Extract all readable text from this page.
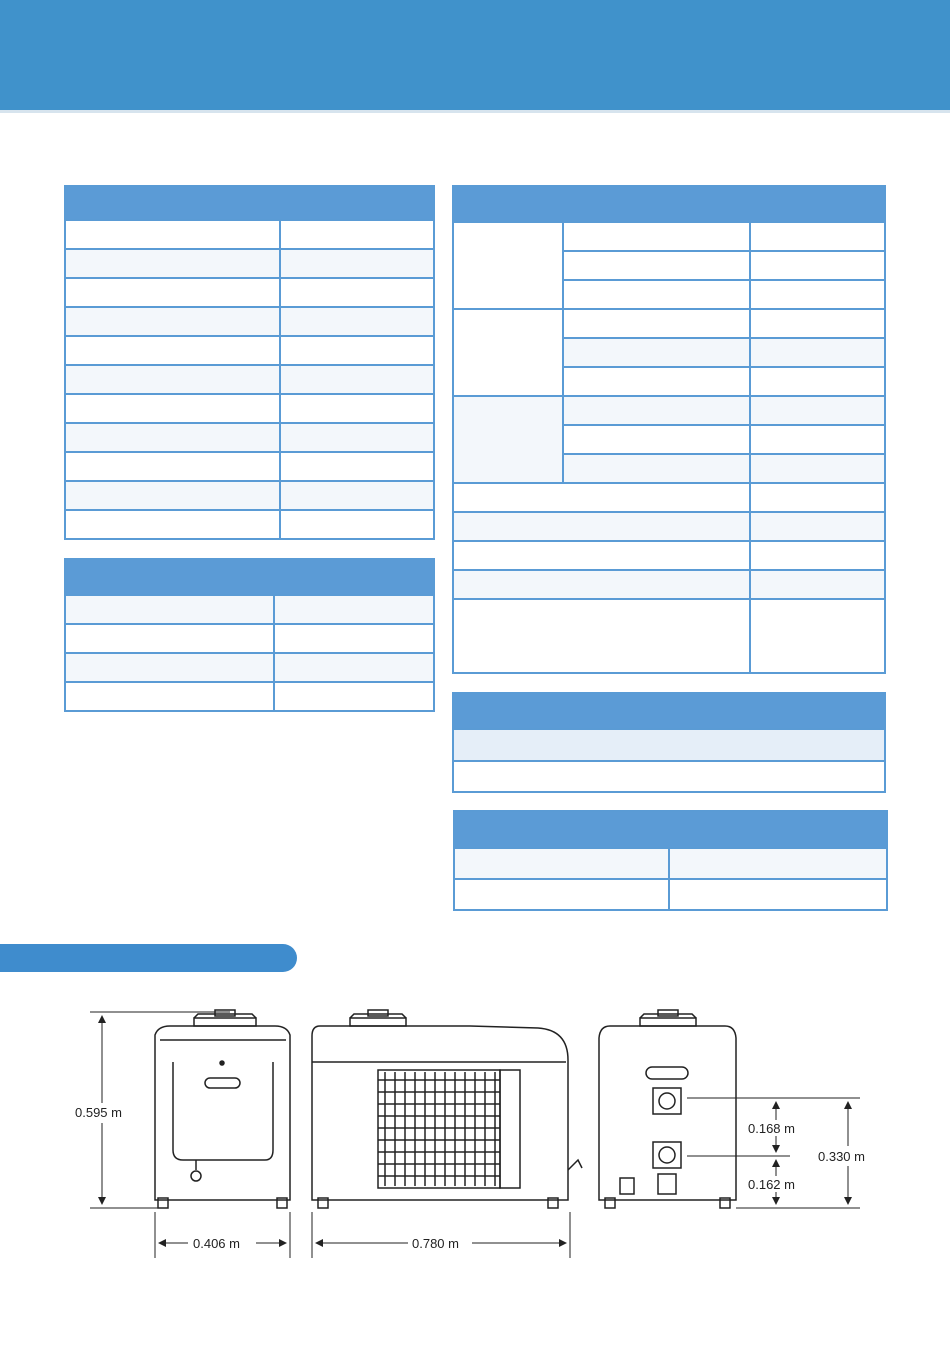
0.595 m
0.406 m	0.780 m
0.168 m
0.162 m
0.330 m
